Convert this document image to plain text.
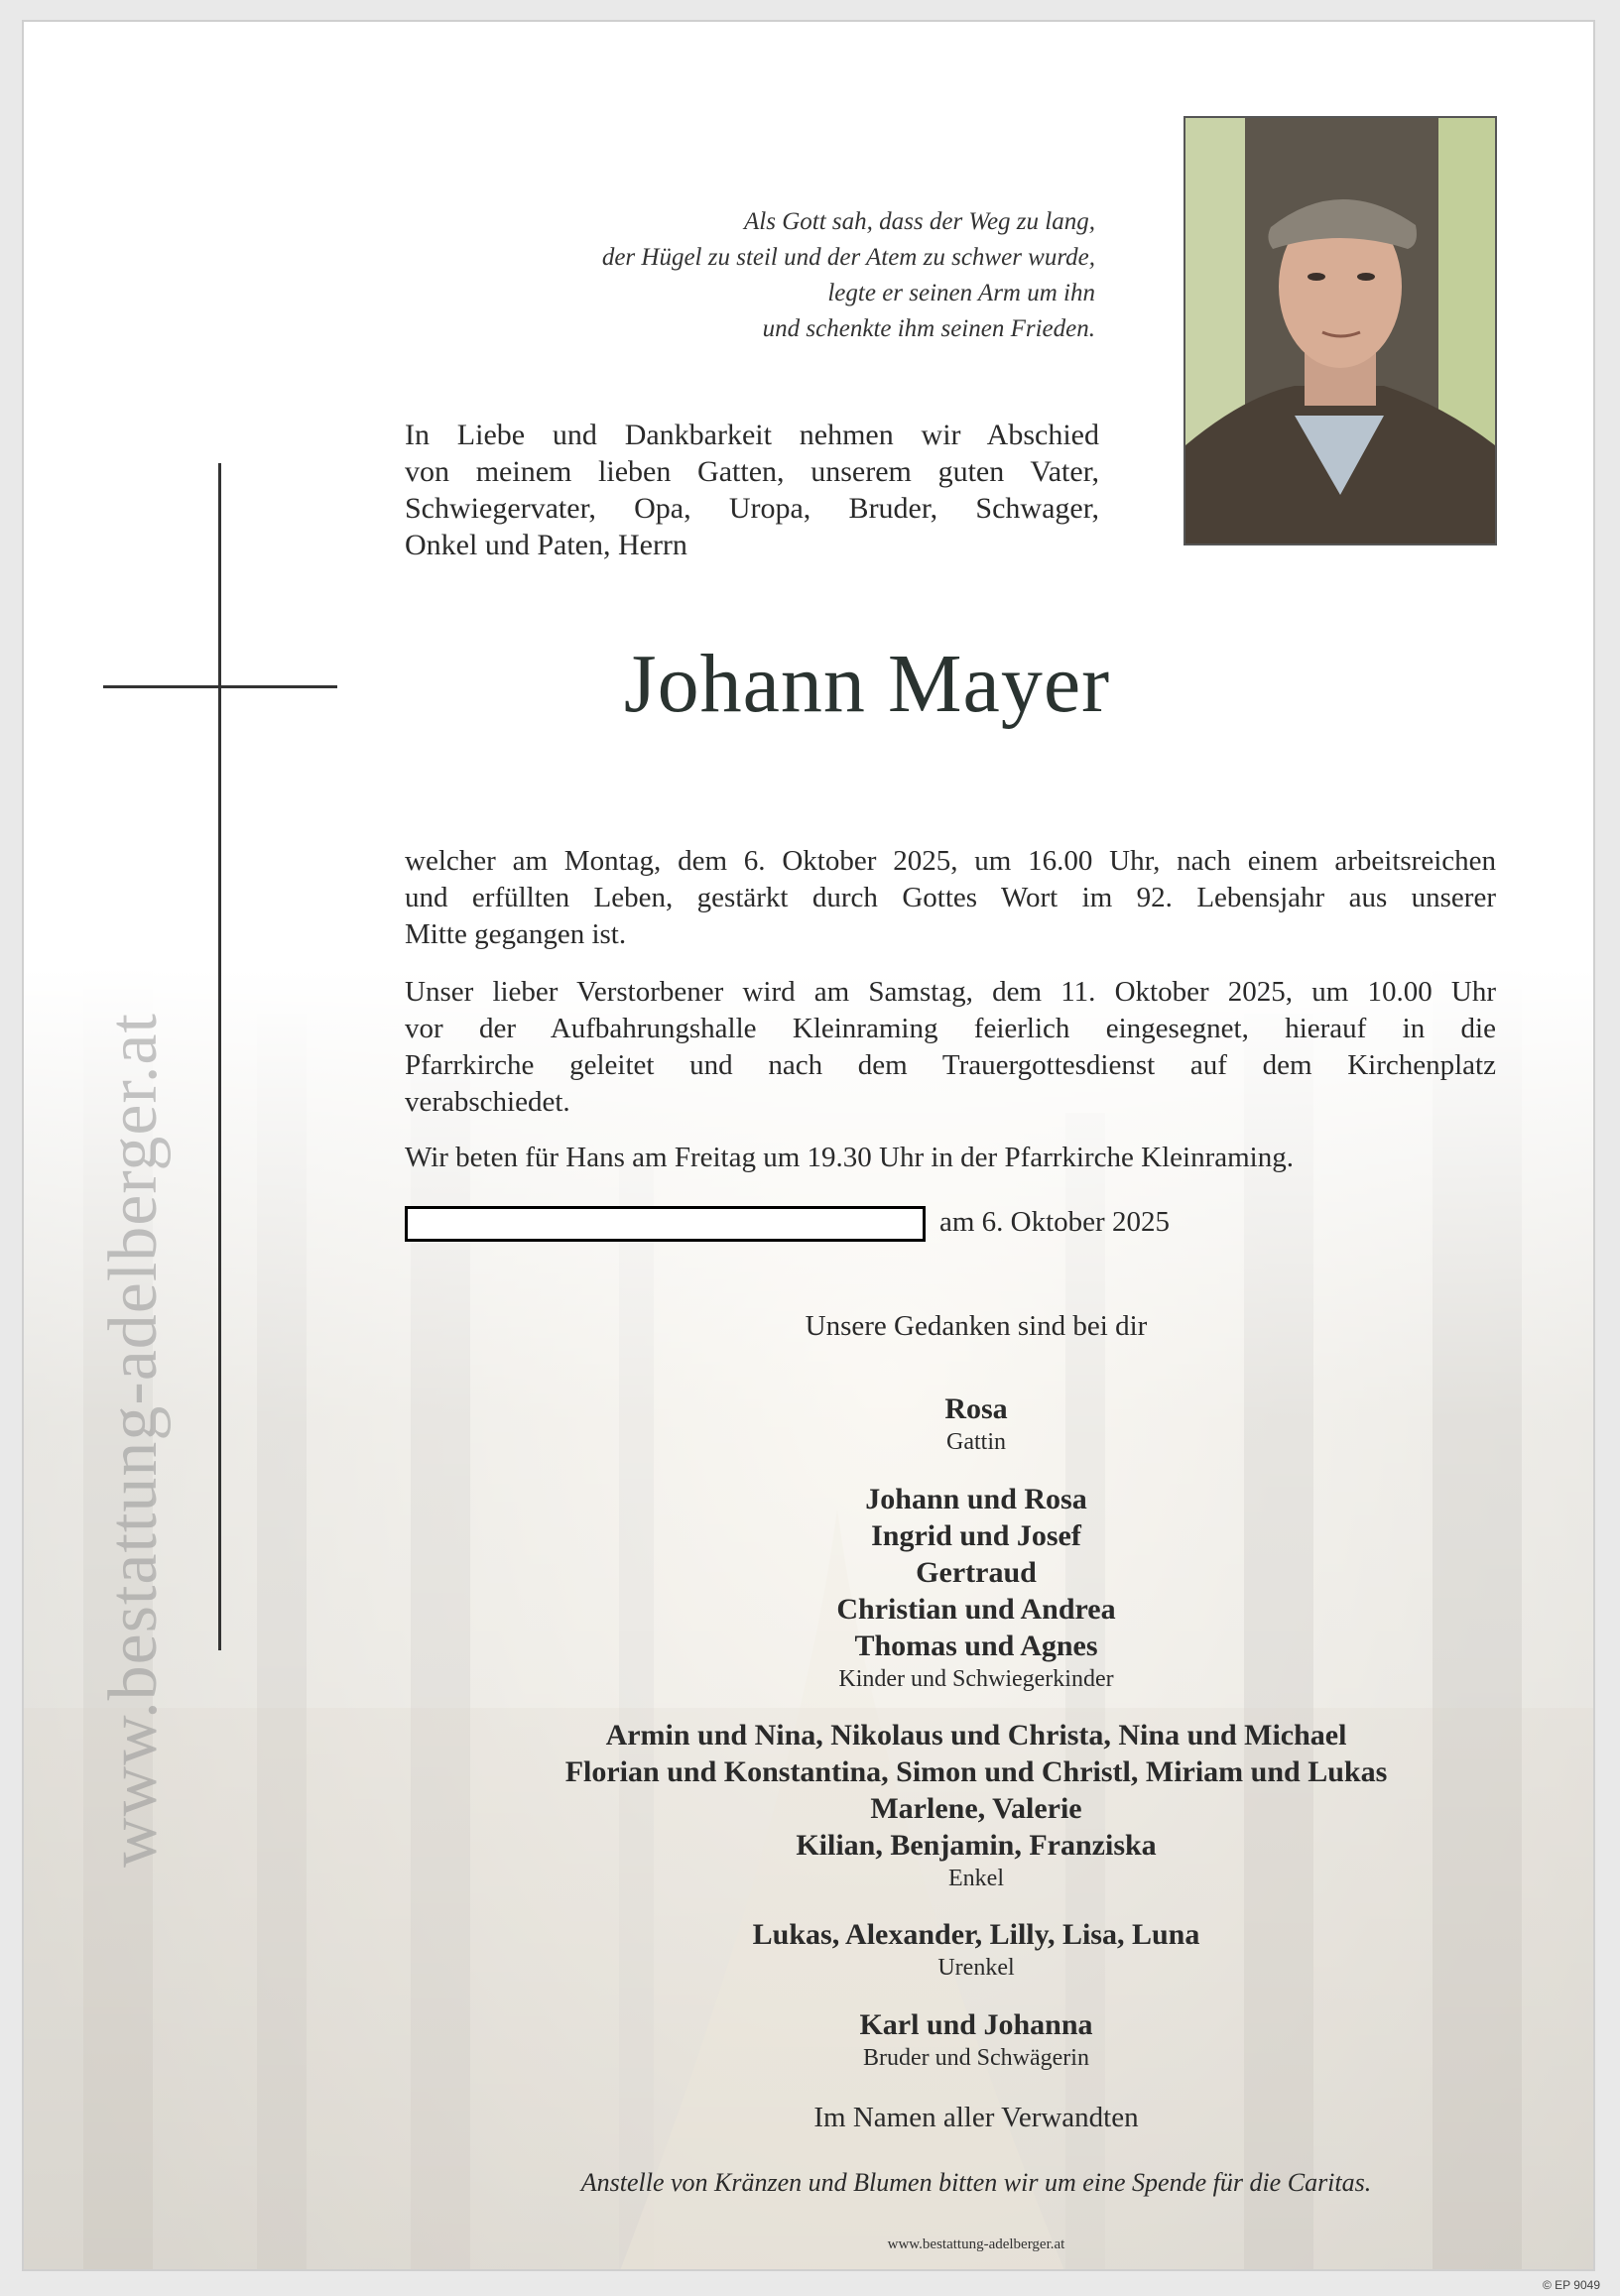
www.bestattung-adelberger.at
Als Gott sah, dass der Weg zu lang,
der Hügel zu steil und der Atem zu schwer wurde,
legte er seinen Arm um ihn
und schenkte ihm seinen Frieden.
In Liebe und Dankbarkeit nehmen wir Abschied
von meinem lieben Gatten, unserem guten Vater,
Schwiegervater, Opa, Uropa, Bruder, Schwager,
Onkel und Paten, Herrn
Johann Mayer
welcher am Montag, dem 6. Oktober 2025, um 16.00 Uhr, nach einem arbeitsreichen
und erfüllten Leben, gestärkt durch Gottes Wort im 92. Lebensjahr aus unserer
Mitte gegangen ist.
Unser lieber Verstorbener wird am Samstag, dem 11. Oktober 2025, um 10.00 Uhr
vor der Aufbahrungshalle Kleinraming feierlich eingesegnet, hierauf in die
Pfarrkirche geleitet und nach dem Trauergottesdienst auf dem Kirchenplatz
verabschiedet.
Wir beten für Hans am Freitag um 19.30 Uhr in der Pfarrkirche Kleinraming.
am 6. Oktober 2025
Unsere Gedanken sind bei dir
Rosa
Gattin
Johann und Rosa
Ingrid und Josef
Gertraud
Christian und Andrea
Thomas und Agnes
Kinder und Schwiegerkinder
Armin und Nina, Nikolaus und Christa, Nina und Michael
Florian und Konstantina, Simon und Christl, Miriam und Lukas
Marlene, Valerie
Kilian, Benjamin, Franziska
Enkel
Lukas, Alexander, Lilly, Lisa, Luna
Urenkel
Karl und Johanna
Bruder und Schwägerin
Im Namen aller Verwandten
Anstelle von Kränzen und Blumen bitten wir um eine Spende für die Caritas.
www.bestattung-adelberger.at
© EP 9049
